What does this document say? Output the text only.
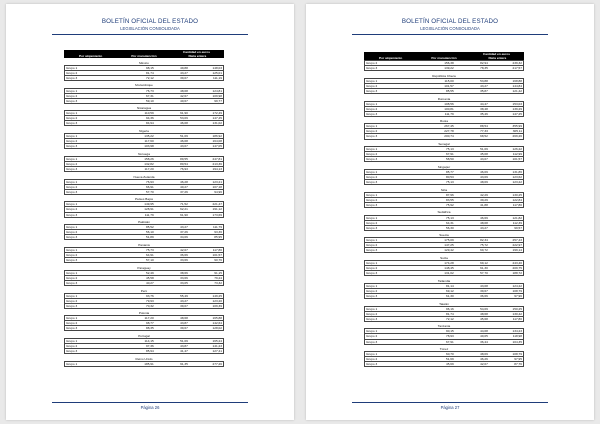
BOLETÍN OFICIAL DEL ESTADO
LEGISLACIÓN CONSOLIDADA
Cantidad en euros
Por alojamiento	Por manutención	Dieta entera
México
Grupo 1	98,15	49,88	148,03
Grupo 2	81,74	43,27	125,01
Grupo 3	72,12	39,07	111,19
Mozambique
Grupo 1	76,73	48,08	124,81
Grupo 2	67,31	42,67	109,98
Grupo 3	59,10	40,67	99,77
Nicaragua
Grupo 1	110,59	61,90	172,49
Grupo 2	94,36	53,09	147,45
Grupo 3	84,94	46,08	131,02
Nigeria
Grupo 1	135,22	51,09	186,92
Grupo 2	117,60	46,08	164,08
Grupo 3	103,98	43,07	147,05
Noruega
Grupo 1	158,26	89,55	247,81
Grupo 2	132,82	80,54	213,36
Grupo 3	117,20	76,93	194,13
Nueva Zelanda
Grupo 1	76,93	46,28	123,21
Grupo 2	66,91	40,27	107,18
Grupo 3	57,70	37,26	94,96
Países Bajos
Grupo 1	149,95	71,52	221,47
Grupo 2	128,91	62,21	191,12
Grupo 3	111,79	61,90	173,69
Pakistán
Grupo 1	85,52	43,27	111,79
Grupo 2	56,10	37,26	93,36
Grupo 3	51,89	34,06	85,95
Panamá
Grupo 1	75,73	42,07	117,80
Grupo 2	64,91	36,66	101,57
Grupo 3	57,10	33,66	90,76
Paraguay
Grupo 1	52,49	38,66	91,15
Grupo 2	45,58	33,66	79,24
Grupo 3	40,27	33,05	73,32
Perú
Grupo 1	93,76	55,49	149,25
Grupo 2	79,93	43,27	123,20
Grupo 3	70,32	39,07	109,39
Polonia
Grupo 1	117,20	48,68	165,88
Grupo 2	98,77	43,87	142,64
Grupo 3	88,35	39,67	128,02
Portugal
Grupo 1	114,15	51,09	165,24
Grupo 2	97,36	43,87	141,23
Grupo 3	85,94	41,47	127,41
Reino Unido
Grupo 1	185,91	91,35	277,26
Página 26
BOLETÍN OFICIAL DEL ESTADO
LEGISLACIÓN CONSOLIDADA
Cantidad en euros
Por alojamiento	Por manutención	Dieta entera
Grupo 2	156,38	82,94	239,32
Grupo 3	139,22	78,35	217,57
República Checa
Grupo 1	115,00	53,88	168,88
Grupo 2	101,57	43,27	144,84
Grupo 3	85,55	35,87	121,42
Rumanía
Grupo 1	108,56	44,47	153,03
Grupo 2	100,81	38,48	139,29
Grupo 3	111,79	35,46	147,25
Rusia
Grupo 1	267,45	88,54	355,99
Grupo 2	227,78	77,33	305,11
Grupo 3	200,74	68,52	269,26
Senegal
Grupo 1	75,13	51,09	126,22
Grupo 2	67,91	45,08	112,99
Grupo 3	58,50	43,07	101,57
Singapur
Grupo 1	85,77	46,09	131,86
Grupo 2	80,53	43,09	123,62
Grupo 3	75,13	48,09	123,22
Siria
Grupo 1	87,96	42,29	130,25
Grupo 2	83,55	39,29	122,84
Grupo 3	75,92	41,88	117,80
Sudáfrica
Grupo 1	75,13	46,69	121,82
Grupo 2	64,31	48,08	112,39
Grupo 3	56,30	43,27	99,57
Suecia
Grupo 1	175,09	82,34	257,43
Grupo 2	147,25	75,72	222,97
Grupo 3	129,42	69,72	199,14
Suiza
Grupo 1	174,28	69,12	243,40
Grupo 2	148,45	61,30	209,75
Grupo 3	131,02	57,70	188,72
Tailandia
Grupo 1	81,14	43,08	124,22
Grupo 2	69,12	39,67	108,79
Grupo 3	61,30	36,66	97,96
Taiwán
Grupo 1	96,16	54,09	150,25
Grupo 2	81,74	48,68	130,42
Grupo 3	72,12	45,68	117,80
Tanzania
Grupo 1	90,15	44,08	134,23
Grupo 2	78,93	40,05	118,98
Grupo 3	67,91	36,44	104,35
Túnez
Grupo 1	60,70	48,09	108,79
Grupo 2	51,69	46,26	97,95
Grupo 3	45,69	42,07	87,76
Página 27
